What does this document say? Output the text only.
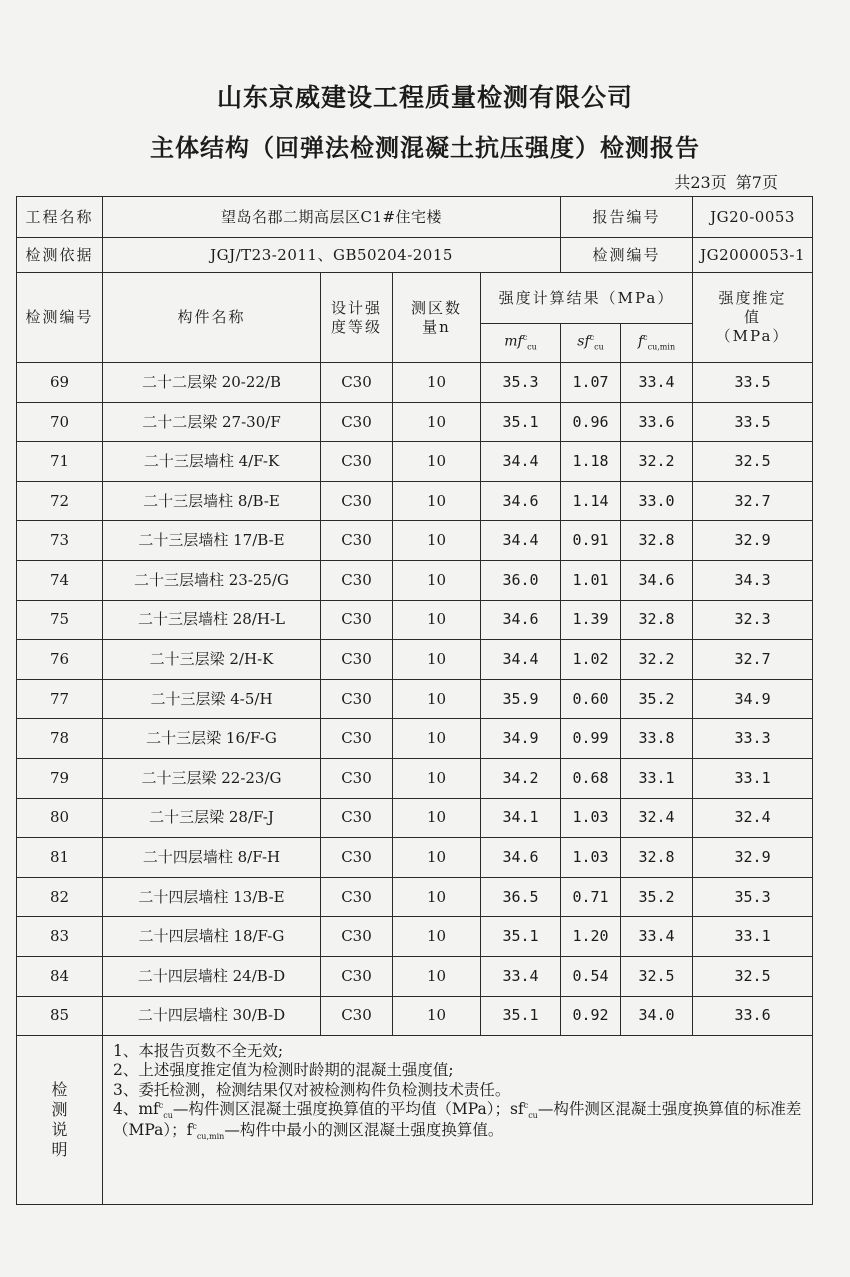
山东京威建设工程质量检测有限公司
主体结构（回弹法检测混凝土抗压强度）检测报告
共23页 第7页
工程名称	望岛名郡二期高层区C1#住宅楼				报告编号		JG20-0053
检测依据	JGJ/T23-2011、GB50204-2015				检测编号		JG2000053-1
检测编号	构件名称	设计强度等级	测区数量n	强度计算结果（MPa）			强度推定值（MPa）
				$mf^c_{cu}$	$sf^c_{cu}$	$f^c_{cu,min}$
69	二十二层梁 20-22/B	C30	10	35.3	1.07	33.4	33.5
70	二十二层梁 27-30/F	C30	10	35.1	0.96	33.6	33.5
71	二十三层墙柱 4/F-K	C30	10	34.4	1.18	32.2	32.5
72	二十三层墙柱 8/B-E	C30	10	34.6	1.14	33.0	32.7
73	二十三层墙柱 17/B-E	C30	10	34.4	0.91	32.8	32.9
74	二十三层墙柱 23-25/G	C30	10	36.0	1.01	34.6	34.3
75	二十三层墙柱 28/H-L	C30	10	34.6	1.39	32.8	32.3
76	二十三层梁 2/H-K	C30	10	34.4	1.02	32.2	32.7
77	二十三层梁 4-5/H	C30	10	35.9	0.60	35.2	34.9
78	二十三层梁 16/F-G	C30	10	34.9	0.99	33.8	33.3
79	二十三层梁 22-23/G	C30	10	34.2	0.68	33.1	33.1
80	二十三层梁 28/F-J	C30	10	34.1	1.03	32.4	32.4
81	二十四层墙柱 8/F-H	C30	10	34.6	1.03	32.8	32.9
82	二十四层墙柱 13/B-E	C30	10	36.5	0.71	35.2	35.3
83	二十四层墙柱 18/F-G	C30	10	35.1	1.20	33.4	33.1
84	二十四层墙柱 24/B-D	C30	10	33.4	0.54	32.5	32.5
85	二十四层墙柱 30/B-D	C30	10	35.1	0.92	34.0	33.6
检
测
说
明	1、本报告页数不全无效;
2、上述强度推定值为检测时龄期的混凝土强度值;
3、委托检测，检测结果仅对被检测构件负检测技术责任。
4、$mf^c_{cu}—$构件测区混凝土强度换算值的平均值（MPa）；$sf^c_{cu}—$构件测区混凝土强度换算值的标准差（MPa）；$f^c_{cu,min}—$构件中最小的测区混凝土强度换算值。						
